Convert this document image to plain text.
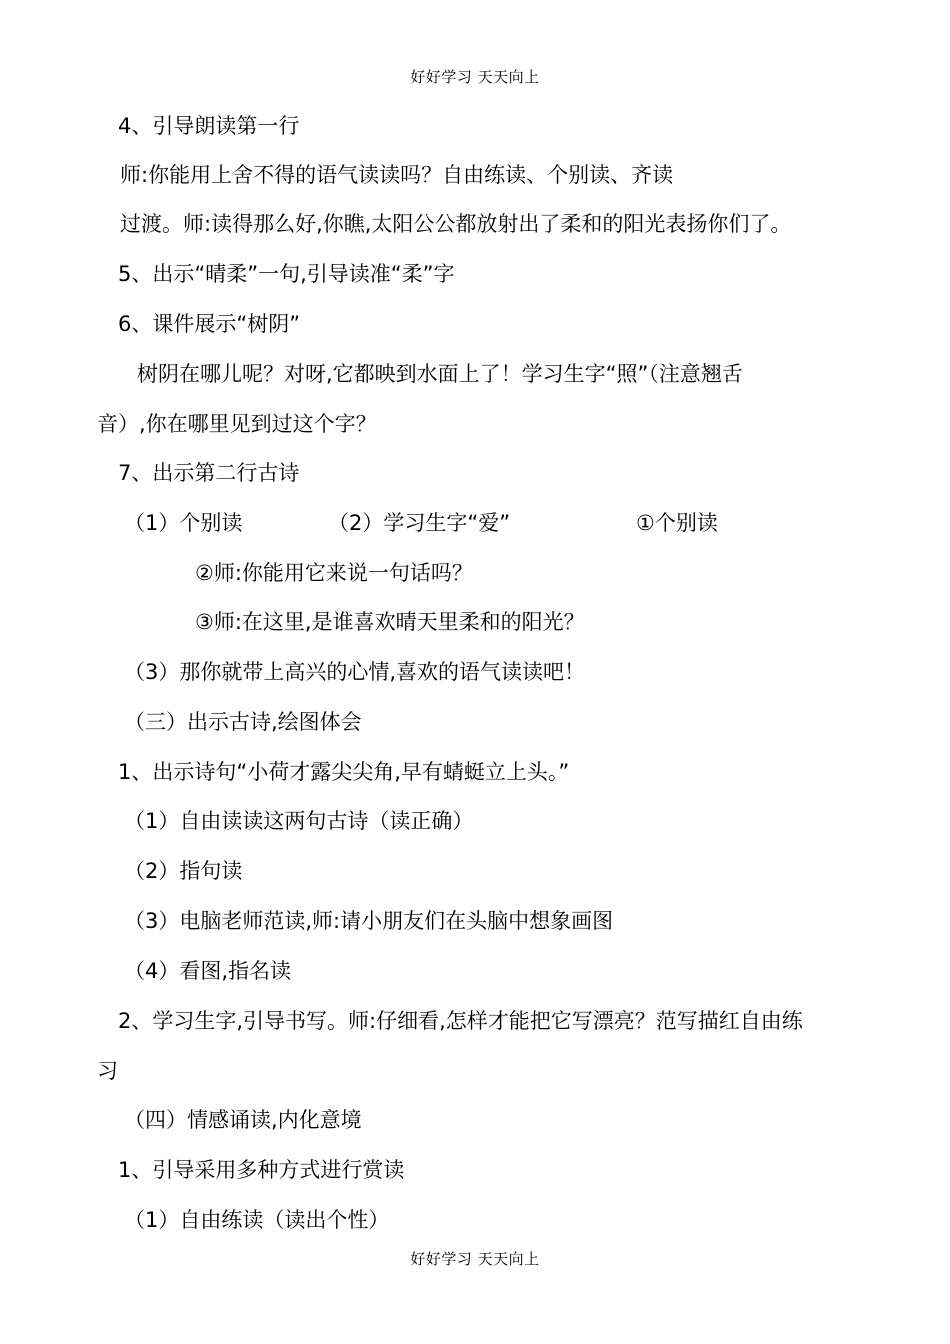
好好学习 天天向上
4、引导朗读第一行
师:你能用上舍不得的语气读读吗？自由练读、个别读、齐读
过渡。师:读得那么好,你瞧,太阳公公都放射出了柔和的阳光表扬你们了。
5、出示“晴柔”一句,引导读准“柔”字
6、课件展示“树阴”
树阴在哪儿呢？对呀,它都映到水面上了！学习生字“照”（注意翘舌
音）,你在哪里见到过这个字？
7、出示第二行古诗
（1）个别读	（2）学习生字“爱”	①个别读
②师:你能用它来说一句话吗？
③师:在这里,是谁喜欢晴天里柔和的阳光？
（3）那你就带上高兴的心情,喜欢的语气读读吧！
（三）出示古诗,绘图体会
1、出示诗句“小荷才露尖尖角,早有蜻蜓立上头。”
（1）自由读读这两句古诗（读正确）
（2）指句读
（3）电脑老师范读,师:请小朋友们在头脑中想象画图
（4）看图,指名读
2、学习生字,引导书写。师:仔细看,怎样才能把它写漂亮？范写描红自由练
习
（四）情感诵读,内化意境
1、引导采用多种方式进行赏读
（1）自由练读（读出个性）
好好学习 天天向上
